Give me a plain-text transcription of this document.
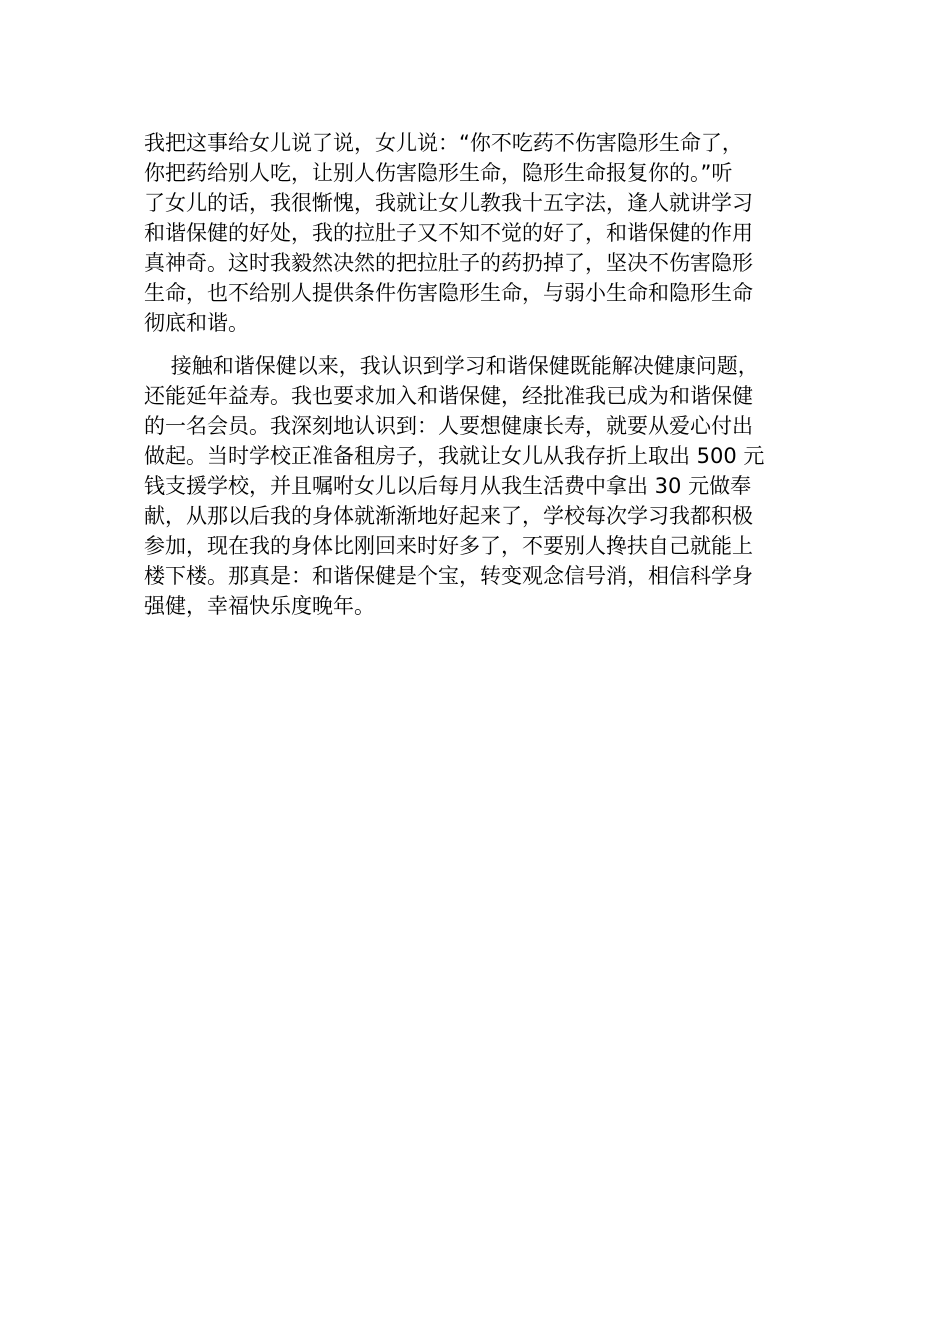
我把这事给女儿说了说，女儿说：“你不吃药不伤害隐形生命了，
你把药给别人吃，让别人伤害隐形生命，隐形生命报复你的。”听
了女儿的话，我很惭愧，我就让女儿教我十五字法，逢人就讲学习
和谐保健的好处，我的拉肚子又不知不觉的好了，和谐保健的作用
真神奇。这时我毅然决然的把拉肚子的药扔掉了，坚决不伤害隐形
生命，也不给别人提供条件伤害隐形生命，与弱小生命和隐形生命
彻底和谐。

接触和谐保健以来，我认识到学习和谐保健既能解决健康问题，
还能延年益寿。我也要求加入和谐保健，经批准我已成为和谐保健
的一名会员。我深刻地认识到：人要想健康长寿，就要从爱心付出
做起。当时学校正准备租房子，我就让女儿从我存折上取出 500 元
钱支援学校，并且嘱咐女儿以后每月从我生活费中拿出 30 元做奉
献，从那以后我的身体就渐渐地好起来了，学校每次学习我都积极
参加，现在我的身体比刚回来时好多了，不要别人搀扶自己就能上
楼下楼。那真是：和谐保健是个宝，转变观念信号消，相信科学身
强健，幸福快乐度晚年。
